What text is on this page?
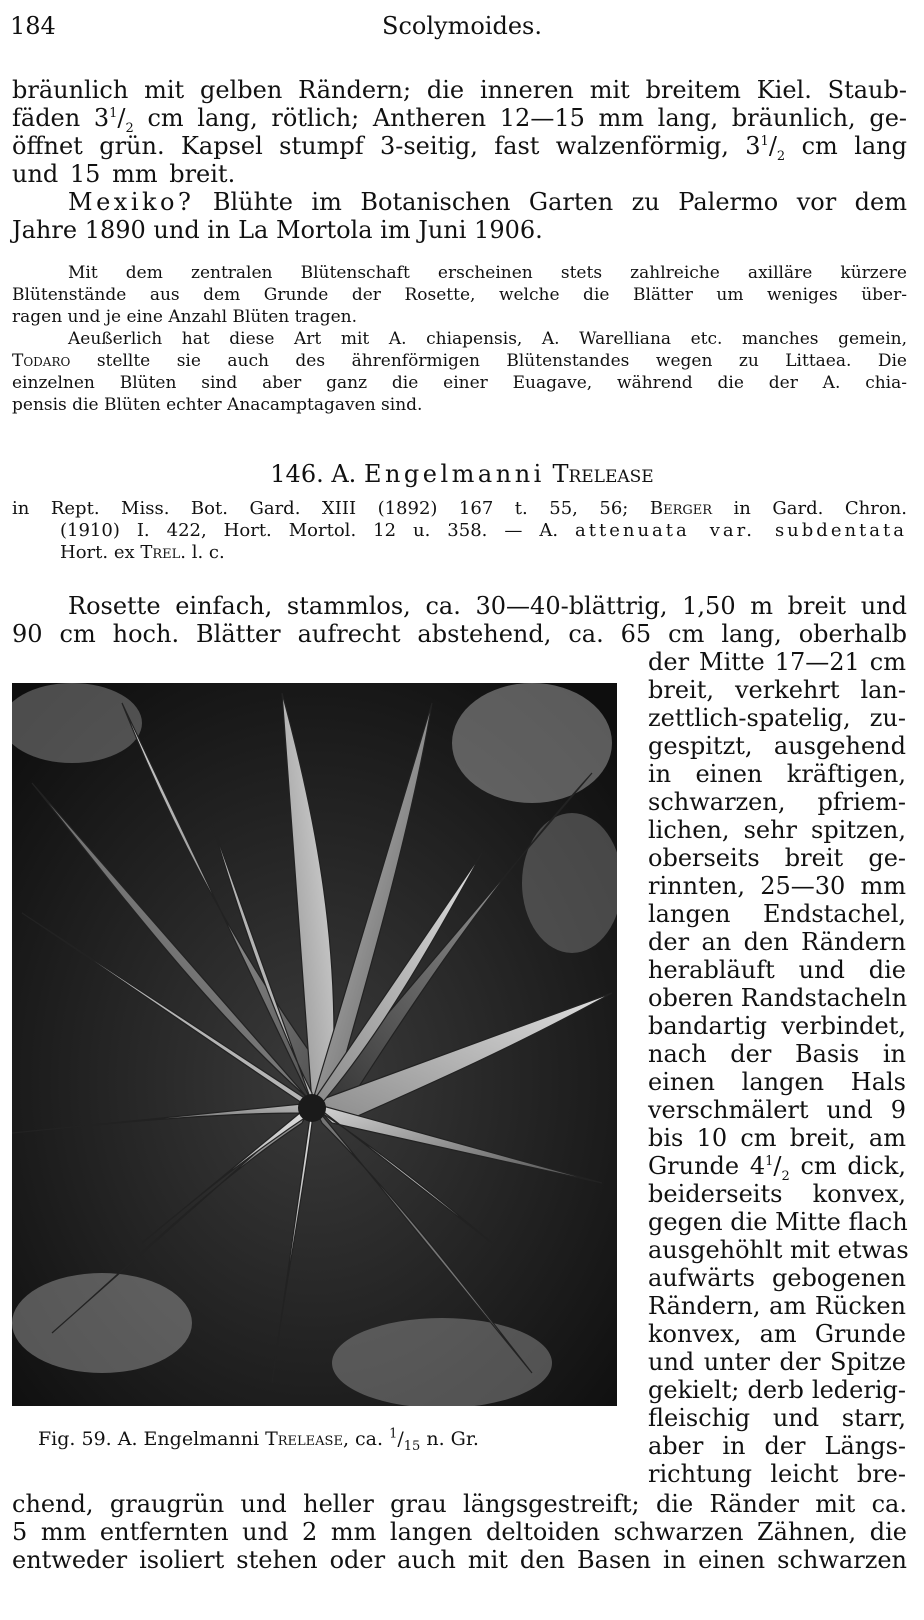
184	Scolymoides.
bräunlich mit gelben Rändern; die inneren mit breitem Kiel. Staub-
fäden $3^1/_2$ cm lang, rötlich; Antheren 12—15 mm lang, bräunlich, ge-
öffnet grün. Kapsel stumpf 3-seitig, fast walzenförmig, $3^1/_2$ cm lang
und 15 mm breit.
Mexiko? Blühte im Botanischen Garten zu Palermo vor dem
Jahre 1890 und in La Mortola im Juni 1906.
Mit dem zentralen Blütenschaft erscheinen stets zahlreiche axilläre kürzere
Blütenstände aus dem Grunde der Rosette, welche die Blätter um weniges über-
ragen und je eine Anzahl Blüten tragen.
Aeußerlich hat diese Art mit A. chiapensis, A. Warelliana etc. manches gemein,
Todaro stellte sie auch des ährenförmigen Blütenstandes wegen zu Littaea. Die
einzelnen Blüten sind aber ganz die einer Euagave, während die der A. chia-
pensis die Blüten echter Anacamptagaven sind.
146. A. Engelmanni Trelease
in Rept. Miss. Bot. Gard. XIII (1892) 167 t. 55, 56; Berger in Gard. Chron.
(1910) I. 422, Hort. Mortol. 12 u. 358. — A. attenuata var. subdentata
Hort. ex Trel. l. c.
Rosette einfach, stammlos, ca. 30—40-blättrig, 1,50 m breit und
90 cm hoch. Blätter aufrecht abstehend, ca. 65 cm lang, oberhalb
Fig. 59. A. Engelmanni Trelease, ca. $^1/_{15}$ n. Gr.
der Mitte 17—21 cm
breit, verkehrt lan-
zettlich-spatelig, zu-
gespitzt, ausgehend
in einen kräftigen,
schwarzen, pfriem-
lichen, sehr spitzen,
oberseits breit ge-
rinnten, 25—30 mm
langen Endstachel,
der an den Rändern
herabläuft und die
oberen Randstacheln
bandartig verbindet,
nach der Basis in
einen langen Hals
verschmälert und 9
bis 10 cm breit, am
Grunde $4^1/_2$ cm dick,
beiderseits konvex,
gegen die Mitte flach
ausgehöhlt mit etwas
aufwärts gebogenen
Rändern, am Rücken
konvex, am Grunde
und unter der Spitze
gekielt; derb lederig-
fleischig und starr,
aber in der Längs-
richtung leicht bre-
chend, graugrün und heller grau längsgestreift; die Ränder mit ca.
5 mm entfernten und 2 mm langen deltoiden schwarzen Zähnen, die
entweder isoliert stehen oder auch mit den Basen in einen schwarzen
